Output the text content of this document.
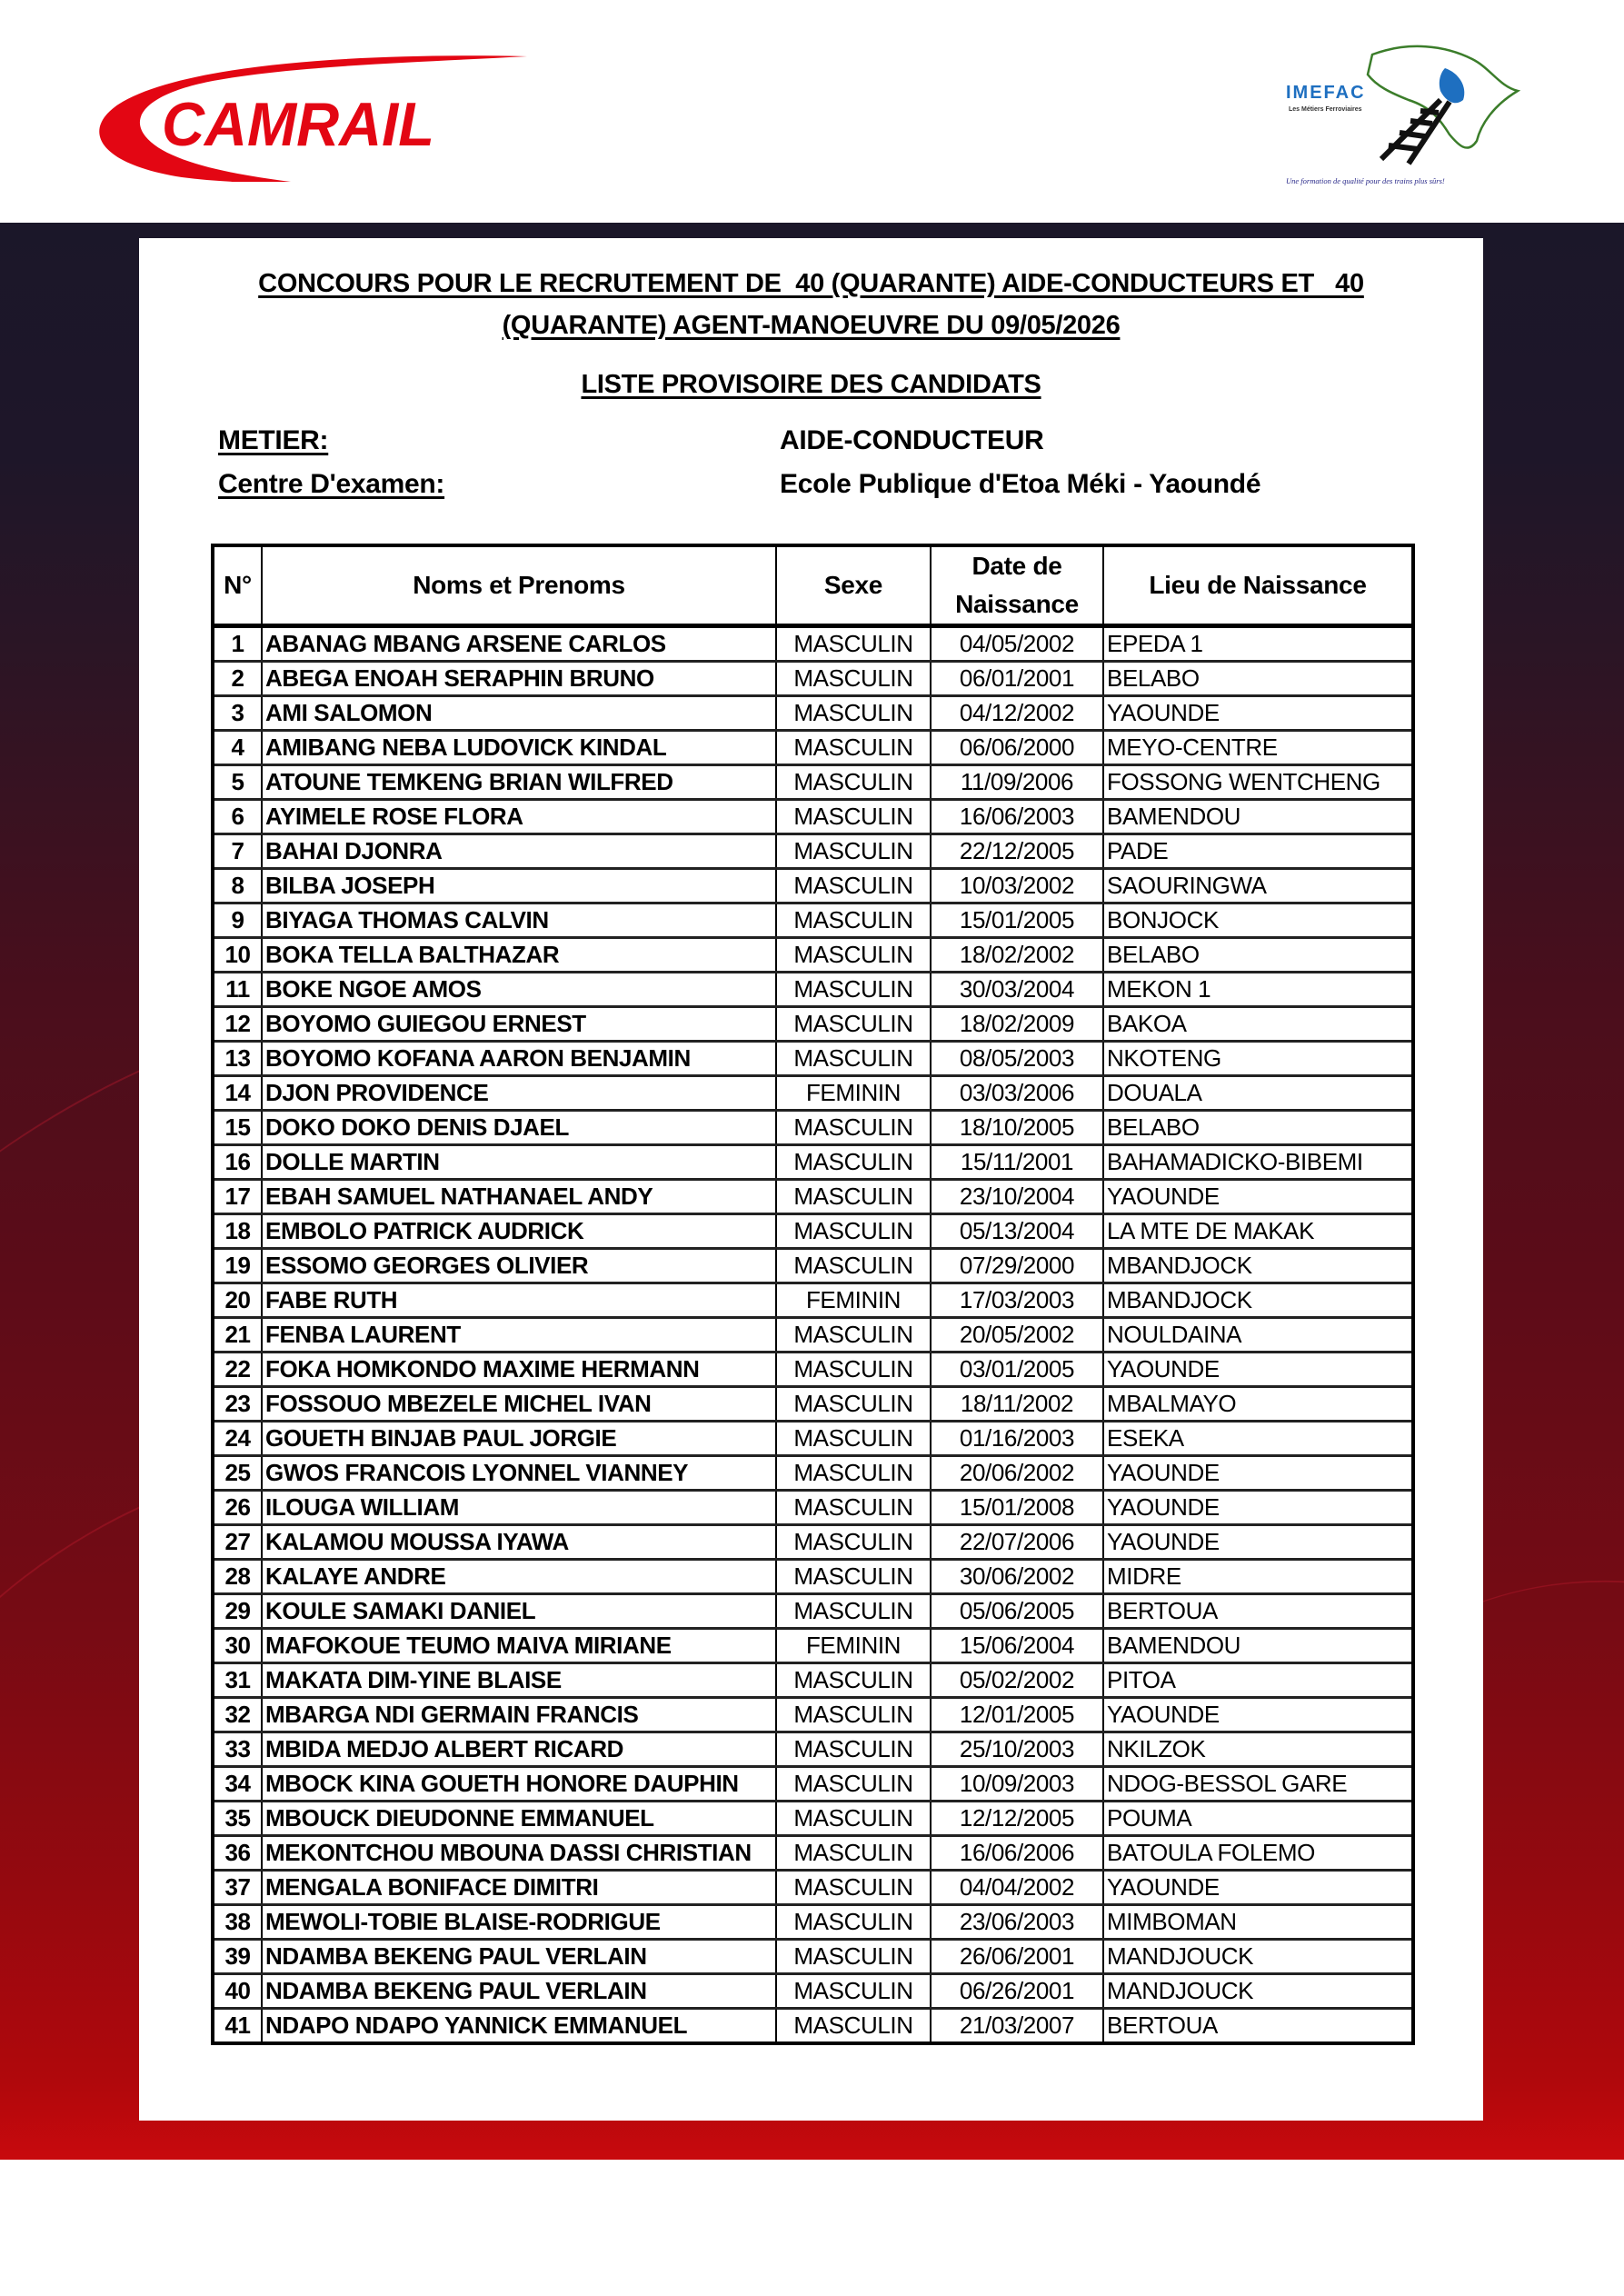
CAMRAIL	IMEFAC
Les Métiers Ferroviaires
Une formation de qualité pour des trains plus sûrs!
CONCOURS POUR LE RECRUTEMENT DE  40 (QUARANTE) AIDE-CONDUCTEURS ET   40
(QUARANTE) AGENT-MANOEUVRE DU 09/05/2026
LISTE PROVISOIRE DES CANDIDATS
METIER:	AIDE-CONDUCTEUR
Centre D'examen:	Ecole Publique d'Etoa Méki - Yaoundé
N°	Noms et Prenoms	Sexe	Date de Naissance	Lieu de Naissance
1	ABANAG MBANG ARSENE CARLOS	MASCULIN	04/05/2002	EPEDA 1
2	ABEGA ENOAH SERAPHIN BRUNO	MASCULIN	06/01/2001	BELABO
3	AMI SALOMON	MASCULIN	04/12/2002	YAOUNDE
4	AMIBANG NEBA LUDOVICK KINDAL	MASCULIN	06/06/2000	MEYO-CENTRE
5	ATOUNE TEMKENG BRIAN WILFRED	MASCULIN	11/09/2006	FOSSONG WENTCHENG
6	AYIMELE ROSE FLORA	MASCULIN	16/06/2003	BAMENDOU
7	BAHAI DJONRA	MASCULIN	22/12/2005	PADE
8	BILBA JOSEPH	MASCULIN	10/03/2002	SAOURINGWA
9	BIYAGA THOMAS CALVIN	MASCULIN	15/01/2005	BONJOCK
10	BOKA TELLA BALTHAZAR	MASCULIN	18/02/2002	BELABO
11	BOKE NGOE AMOS	MASCULIN	30/03/2004	MEKON 1
12	BOYOMO GUIEGOU ERNEST	MASCULIN	18/02/2009	BAKOA
13	BOYOMO KOFANA AARON BENJAMIN	MASCULIN	08/05/2003	NKOTENG
14	DJON PROVIDENCE	FEMININ	03/03/2006	DOUALA
15	DOKO DOKO DENIS DJAEL	MASCULIN	18/10/2005	BELABO
16	DOLLE MARTIN	MASCULIN	15/11/2001	BAHAMADICKO-BIBEMI
17	EBAH SAMUEL NATHANAEL ANDY	MASCULIN	23/10/2004	YAOUNDE
18	EMBOLO PATRICK AUDRICK	MASCULIN	05/13/2004	LA MTE DE MAKAK
19	ESSOMO GEORGES OLIVIER	MASCULIN	07/29/2000	MBANDJOCK
20	FABE RUTH	FEMININ	17/03/2003	MBANDJOCK
21	FENBA LAURENT	MASCULIN	20/05/2002	NOULDAINA
22	FOKA HOMKONDO MAXIME HERMANN	MASCULIN	03/01/2005	YAOUNDE
23	FOSSOUO MBEZELE MICHEL IVAN	MASCULIN	18/11/2002	MBALMAYO
24	GOUETH BINJAB PAUL JORGIE	MASCULIN	01/16/2003	ESEKA
25	GWOS FRANCOIS LYONNEL VIANNEY	MASCULIN	20/06/2002	YAOUNDE
26	ILOUGA WILLIAM	MASCULIN	15/01/2008	YAOUNDE
27	KALAMOU MOUSSA IYAWA	MASCULIN	22/07/2006	YAOUNDE
28	KALAYE ANDRE	MASCULIN	30/06/2002	MIDRE
29	KOULE SAMAKI DANIEL	MASCULIN	05/06/2005	BERTOUA
30	MAFOKOUE TEUMO MAIVA MIRIANE	FEMININ	15/06/2004	BAMENDOU
31	MAKATA DIM-YINE BLAISE	MASCULIN	05/02/2002	PITOA
32	MBARGA NDI GERMAIN FRANCIS	MASCULIN	12/01/2005	YAOUNDE
33	MBIDA MEDJO ALBERT RICARD	MASCULIN	25/10/2003	NKILZOK
34	MBOCK KINA GOUETH HONORE DAUPHIN	MASCULIN	10/09/2003	NDOG-BESSOL GARE
35	MBOUCK DIEUDONNE EMMANUEL	MASCULIN	12/12/2005	POUMA
36	MEKONTCHOU MBOUNA DASSI CHRISTIAN	MASCULIN	16/06/2006	BATOULA FOLEMO
37	MENGALA BONIFACE DIMITRI	MASCULIN	04/04/2002	YAOUNDE
38	MEWOLI-TOBIE BLAISE-RODRIGUE	MASCULIN	23/06/2003	MIMBOMAN
39	NDAMBA BEKENG PAUL VERLAIN	MASCULIN	26/06/2001	MANDJOUCK
40	NDAMBA BEKENG PAUL VERLAIN	MASCULIN	06/26/2001	MANDJOUCK
41	NDAPO NDAPO YANNICK EMMANUEL	MASCULIN	21/03/2007	BERTOUA
